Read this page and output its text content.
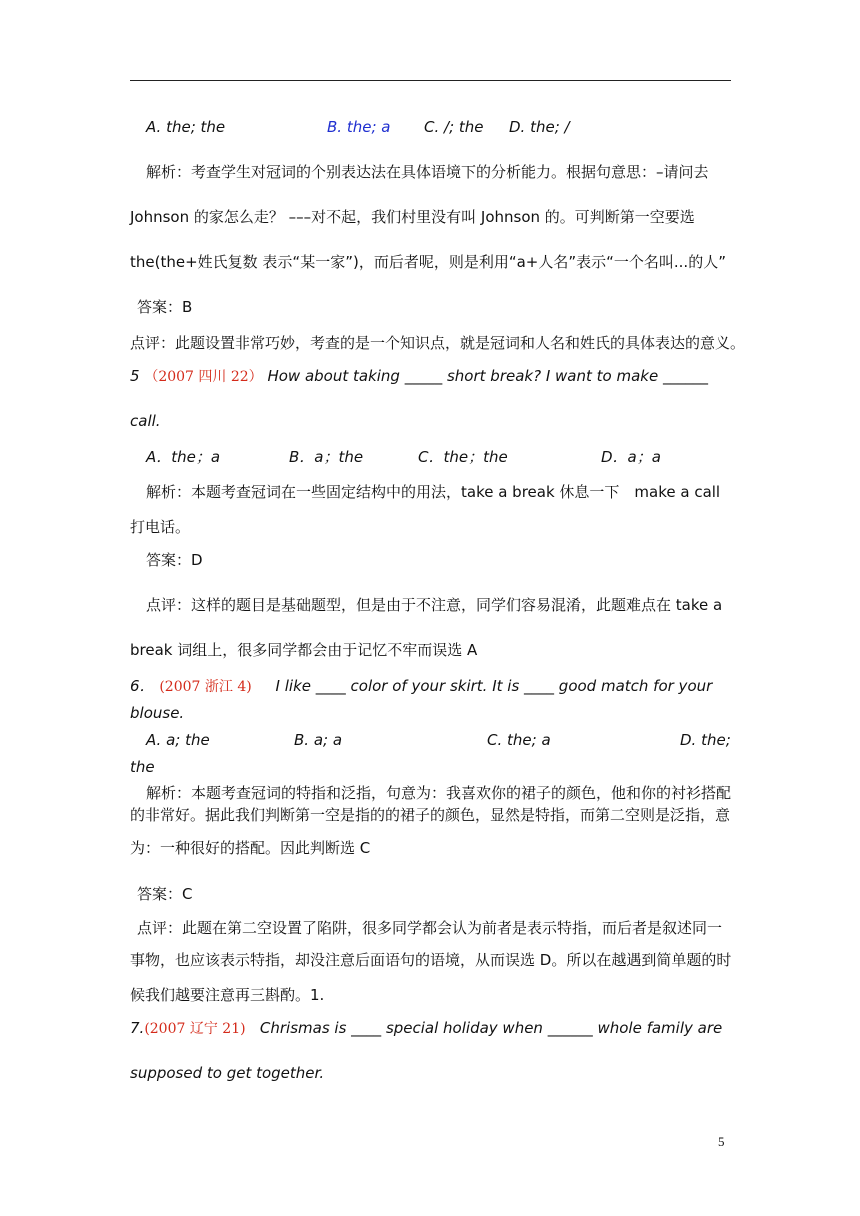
A. the; the	B. the; a C. /; the D. the; /
解析：考查学生对冠词的个别表达法在具体语境下的分析能力。根据句意思：–请问去
Johnson 的家怎么走？ –––对不起，我们村里没有叫 Johnson 的。可判断第一空要选
the(the+姓氏复数 表示“某一家”)，而后者呢，则是利用“a+人名”表示“一个名叫...的人”
答案：B
点评：此题设置非常巧妙，考查的是一个知识点，就是冠词和人名和姓氏的具体表达的意义。
5 （2007 四川 22） How about taking _____ short break? I want to make ______
call.
A．the；a	B．a；the	C．the；the	D．a；a
解析：本题考查冠词在一些固定结构中的用法，take a break 休息一下　make a call
打电话。
答案：D
点评：这样的题目是基础题型，但是由于不注意，同学们容易混淆，此题难点在 take a
break 词组上，很多同学都会由于记忆不牢而误选 A
6． (2007 浙江 4) I like ____ color of your skirt. It is ____ good match for your
blouse.
A. a; the	B. a; a	C. the; a	D. the;
the
解析：本题考查冠词的特指和泛指，句意为：我喜欢你的裙子的颜色，他和你的衬衫搭配
的非常好。据此我们判断第一空是指的的裙子的颜色，显然是特指，而第二空则是泛指，意
为：一种很好的搭配。因此判断选 C
答案：C
点评：此题在第二空设置了陷阱，很多同学都会认为前者是表示特指，而后者是叙述同一
事物，也应该表示特指，却没注意后面语句的语境，从而误选 D。所以在越遇到简单题的时
候我们越要注意再三斟酌。1.
7.(2007 辽宁 21) Chrismas is ____ special holiday when ______ whole family are
supposed to get together.
5
